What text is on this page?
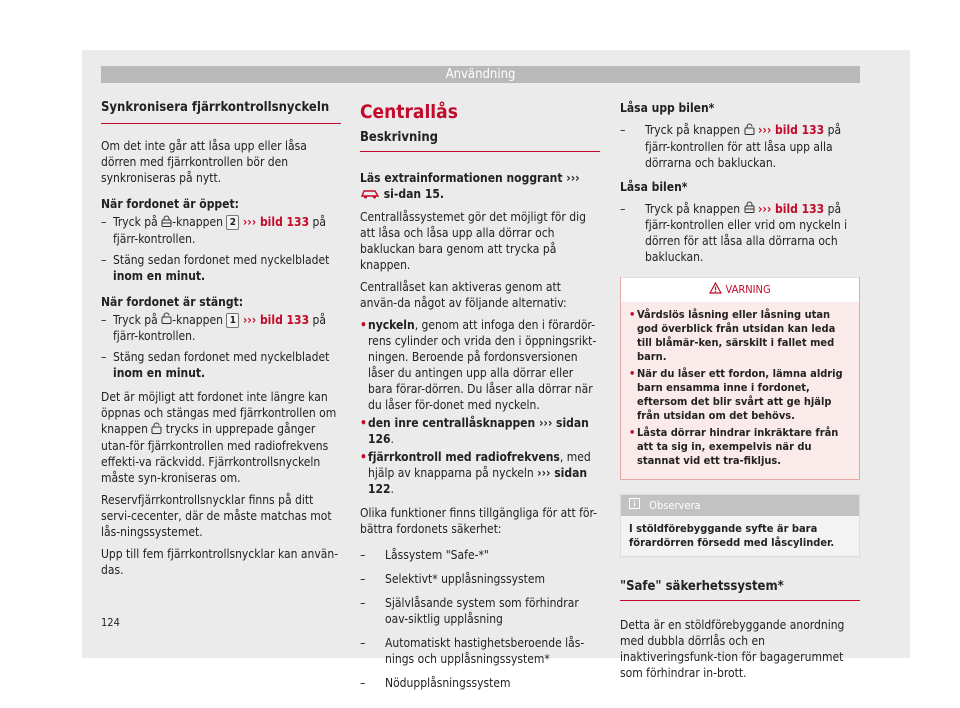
Användning
Synkronisera fjärrkontrollsnyckeln

Om det inte går att låsa upp eller låsa dörren med fjärrkontrollen bör den synkroniseras på nytt.

När fordonet är öppet:

– Tryck på -knappen 2 ››› bild 133 på fjärr-kontrollen.
– Stäng sedan fordonet med nyckelbladet inom en minut.

När fordonet är stängt:

– Tryck på -knappen 1 ››› bild 133 på fjärr-kontrollen.
– Stäng sedan fordonet med nyckelbladet inom en minut.

Det är möjligt att fordonet inte längre kan öppnas och stängas med fjärrkontrollen om knappen  trycks in upprepade gånger utan-för fjärrkontrollen med radiofrekvens effekti-va räckvidd. Fjärrkontrollsnyckeln måste syn-kroniseras om.

Reservfjärrkontrollsnycklar finns på ditt servi-cecenter, där de måste matchas mot lås-ningssystemet.

Upp till fem fjärrkontrollsnycklar kan använ-das.

Centrallås
Beskrivning

Läs extrainformationen noggrant ›››  si-dan 15.

Centrallåssystemet gör det möjligt för dig att låsa och låsa upp alla dörrar och bakluckan bara genom att trycka på knappen.

Centrallåset kan aktiveras genom att använ-da något av följande alternativ:

• nyckeln, genom att infoga den i förardör-rens cylinder och vrida den i öppningsrikt-ningen. Beroende på fordonsversionen låser du antingen upp alla dörrar eller bara förar-dörren. Du låser alla dörrar när du låser för-donet med nyckeln.
• den inre centrallåsknappen ››› sidan 126.
• fjärrkontroll med radiofrekvens, med hjälp av knapparna på nyckeln ››› sidan 122.

Olika funktioner finns tillgängliga för att för-bättra fordonets säkerhet:

– Låssystem "Safe-*"
– Selektivt* upplåsningssystem
– Självlåsande system som förhindrar oav-siktlig upplåsning
– Automatiskt hastighetsberoende lås-nings och upplåsningssystem*
– Nödupplåsningssystem

Låsa upp bilen*

– Tryck på knappen  ››› bild 133 på fjärr-kontrollen för att låsa upp alla dörrarna och bakluckan.

Låsa bilen*

– Tryck på knappen  ››› bild 133 på fjärr-kontrollen eller vrid om nyckeln i dörren för att låsa alla dörrarna och bakluckan.
VARNING
• Vårdslös låsning eller låsning utan god överblick från utsidan kan leda till blåmär-ken, särskilt i fallet med barn.
• När du låser ett fordon, lämna aldrig barn ensamma inne i fordonet, eftersom det blir svårt att ge hjälp från utsidan om det behövs.
• Låsta dörrar hindrar inkräktare från att ta sig in, exempelvis när du stannat vid ett tra-fikljus.
Observera
I stöldförebyggande syfte är bara förardörren försedd med låscylinder.
"Safe" säkerhetssystem*

Detta är en stöldförebyggande anordning med dubbla dörrlås och en inaktiveringsfunk-tion för bagagerummet som förhindrar in-brott.

124
